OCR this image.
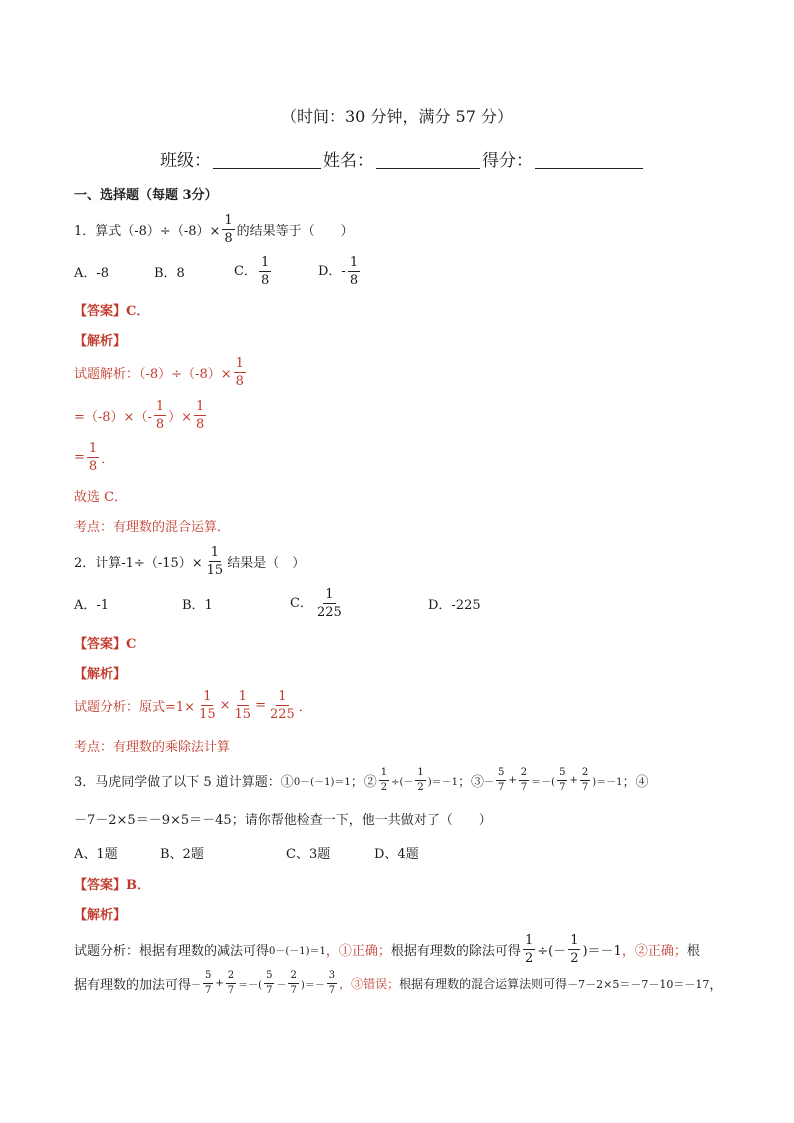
（时间：30 分钟，满分 57 分）
班级：	姓名：	得分：
一、选择题（每题 3分）
1．算式$(-8)\div(-8)\times \frac{1}{8}$ 的结果等于（　　）
A．-8	B．8	C． $\frac{1}{8}$	D．- $\frac{1}{8}$
【答案】C．
【解析】
试题解析：$(-8)\div(-8)\times \frac{1}{8}$
$=(-8)\times(- \frac{1}{8}$ ）× $\frac{1}{8}$
= $\frac{1}{8}$ ．
故选 C．
考点：有理数的混合运算．
2．计算$-1\div(-15)\times \frac{1}{15}$ 结果是（　）
A．-1	B．1	C． $\frac{1}{225}$	D．-225
【答案】C
【解析】
试题分析：原式$=1\times \frac{1}{15} \times \frac{1}{15} = \frac{1}{225}$ ．
考点：有理数的乘除法计算
3．马虎同学做了以下 5 道计算题：① 0－(－1)＝1 ；② $\frac{1}{2}$ ÷(－ $\frac{1}{2} )=-1$ ；③ － $\frac{5}{7} + \frac{2}{7}$ ＝－( $\frac{5}{7} + \frac{2}{7} )=-1$ ；④
－7－2×5＝－9×5＝－45 ；请你帮他检查一下，他一共做对了（　　）
A、1题	B、2题	C、3题	D、4题
【答案】B．
【解析】
试题分析：根据有理数的减法可得 0－(－1)＝1 ，①正确； 根据有理数的除法可得 $\frac{1}{2}$ ÷(－ $\frac{1}{2} )=-1$ ，②正确； 根
据有理数的加法可得 － $\frac{5}{7} + \frac{2}{7}$ ＝－( $\frac{5}{7} - \frac{2}{7}$ )＝－ $\frac{3}{7}$ ，③错误； 根据有理数的混合运算法则可得 －7－2×5＝－7－10＝－17 ，
